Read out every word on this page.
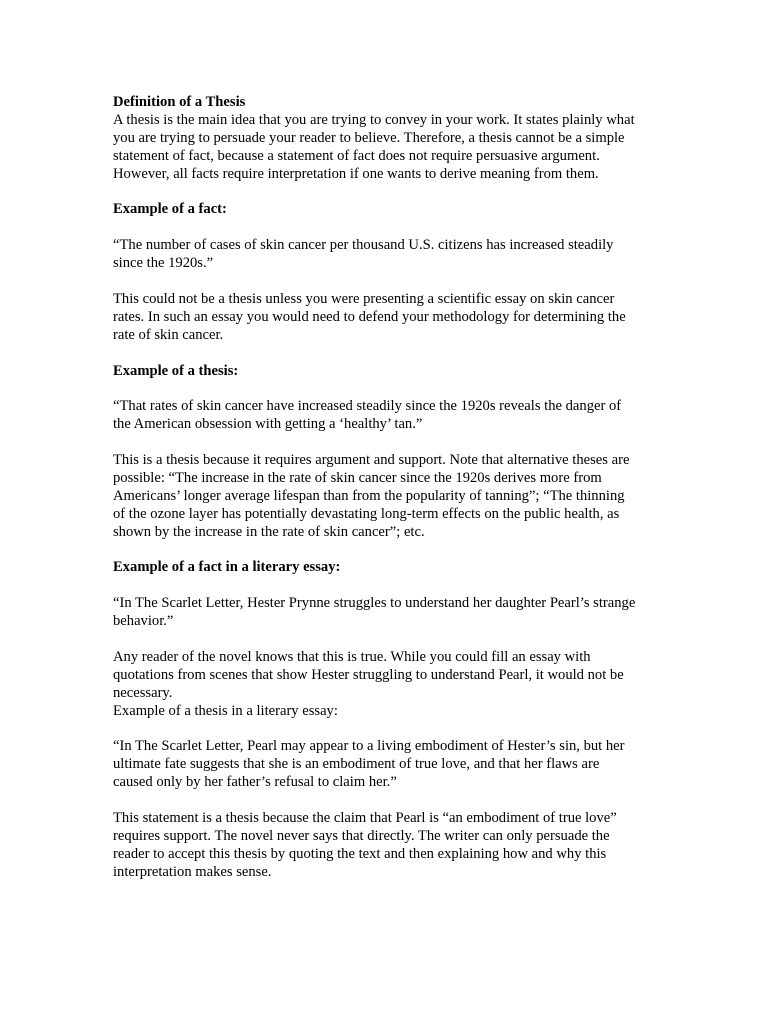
Definition of a Thesis
A thesis is the main idea that you are trying to convey in your work. It states plainly what
you are trying to persuade your reader to believe. Therefore, a thesis cannot be a simple
statement of fact, because a statement of fact does not require persuasive argument.
However, all facts require interpretation if one wants to derive meaning from them.
Example of a fact:
“The number of cases of skin cancer per thousand U.S. citizens has increased steadily
since the 1920s.”
This could not be a thesis unless you were presenting a scientific essay on skin cancer
rates. In such an essay you would need to defend your methodology for determining the
rate of skin cancer.
Example of a thesis:
“That rates of skin cancer have increased steadily since the 1920s reveals the danger of
the American obsession with getting a ‘healthy’ tan.”
This is a thesis because it requires argument and support. Note that alternative theses are
possible: “The increase in the rate of skin cancer since the 1920s derives more from
Americans’ longer average lifespan than from the popularity of tanning”; “The thinning
of the ozone layer has potentially devastating long-term effects on the public health, as
shown by the increase in the rate of skin cancer”; etc.
Example of a fact in a literary essay:
“In The Scarlet Letter, Hester Prynne struggles to understand her daughter Pearl’s strange
behavior.”
Any reader of the novel knows that this is true. While you could fill an essay with
quotations from scenes that show Hester struggling to understand Pearl, it would not be
necessary.
Example of a thesis in a literary essay:
“In The Scarlet Letter, Pearl may appear to a living embodiment of Hester’s sin, but her
ultimate fate suggests that she is an embodiment of true love, and that her flaws are
caused only by her father’s refusal to claim her.”
This statement is a thesis because the claim that Pearl is “an embodiment of true love”
requires support. The novel never says that directly. The writer can only persuade the
reader to accept this thesis by quoting the text and then explaining how and why this
interpretation makes sense.
